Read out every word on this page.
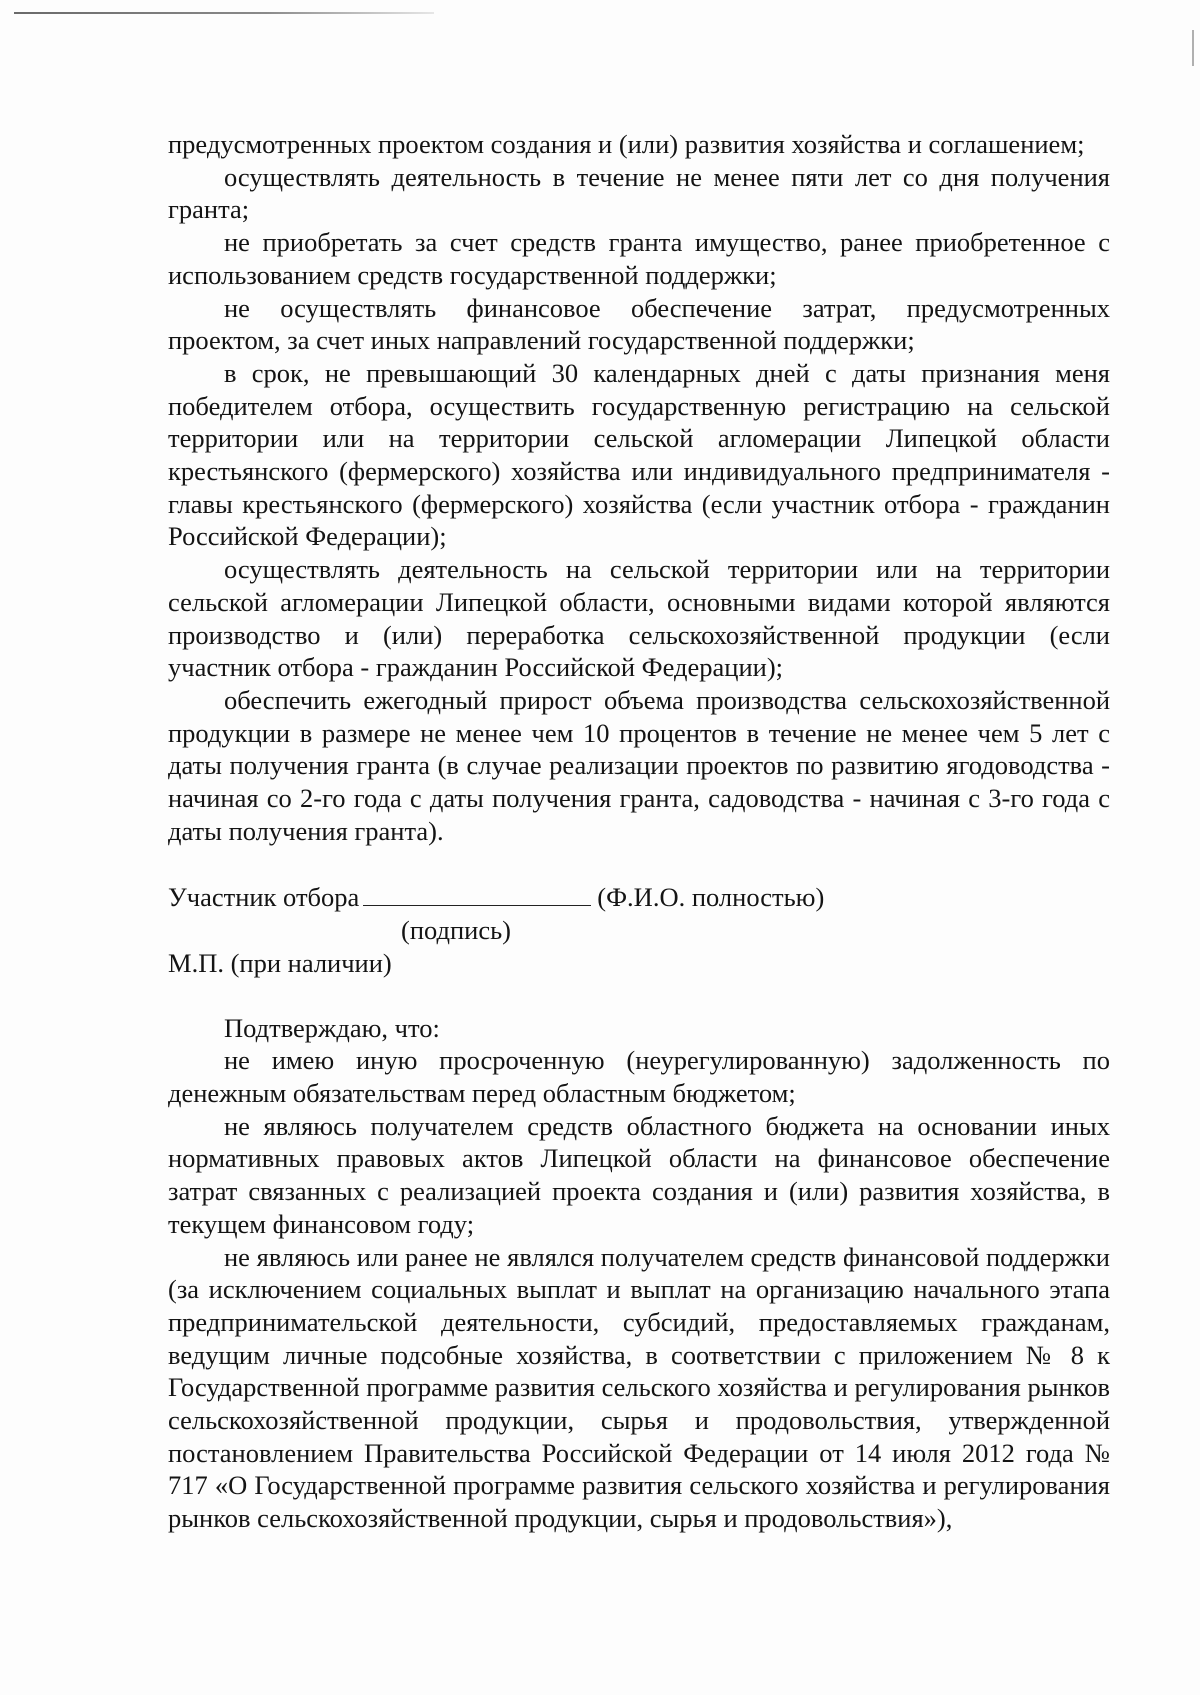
предусмотренных проектом создания и (или) развития хозяйства и соглашением;

осуществлять деятельность в течение не менее пяти лет со дня получения гранта;

не приобретать за счет средств гранта имущество, ранее приобретенное с использованием средств государственной поддержки;

не осуществлять финансовое обеспечение затрат, предусмотренных проектом, за счет иных направлений государственной поддержки;

в срок, не превышающий 30 календарных дней с даты признания меня победителем отбора, осуществить государственную регистрацию на сельской территории или на территории сельской агломерации Липецкой области крестьянского (фермерского) хозяйства или индивидуального предпринимателя - главы крестьянского (фермерского) хозяйства (если участник отбора - гражданин Российской Федерации);

осуществлять деятельность на сельской территории или на территории сельской агломерации Липецкой области, основными видами которой являются производство и (или) переработка сельскохозяйственной продукции (если участник отбора - гражданин Российской Федерации);

обеспечить ежегодный прирост объема производства сельскохозяйственной продукции в размере не менее чем 10 процентов в течение не менее чем 5 лет с даты получения гранта (в случае реализации проектов по развитию ягодоводства - начиная со 2-го года с даты получения гранта, садоводства - начиная с 3-го года с даты получения гранта).

Участник отбора	(Ф.И.О. полностью)
(подпись)
М.П. (при наличии)

Подтверждаю, что:

не имею иную просроченную (неурегулированную) задолженность по денежным обязательствам перед областным бюджетом;

не являюсь получателем средств областного бюджета на основании иных нормативных правовых актов Липецкой области на финансовое обеспечение затрат связанных с реализацией проекта создания и (или) развития хозяйства, в текущем финансовом году;

не являюсь или ранее не являлся получателем средств финансовой поддержки (за исключением социальных выплат и выплат на организацию начального этапа предпринимательской деятельности, субсидий, предоставляемых гражданам, ведущим личные подсобные хозяйства, в соответствии с приложением № 8 к Государственной программе развития сельского хозяйства и регулирования рынков сельскохозяйственной продукции, сырья и продовольствия, утвержденной постановлением Правительства Российской Федерации от 14 июля 2012 года № 717 «О Государственной программе развития сельского хозяйства и регулирования рынков сельскохозяйственной продукции, сырья и продовольствия»),
